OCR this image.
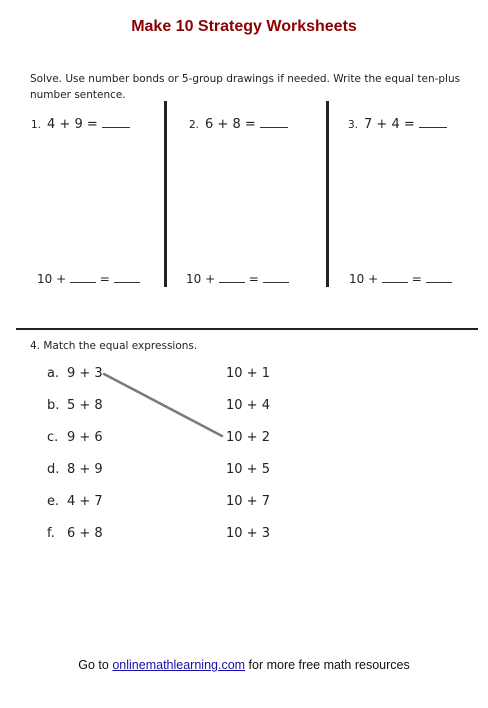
Make 10 Strategy Worksheets
Solve. Use number bonds or 5-group drawings if needed. Write the equal ten-plus number sentence.
1. 4 + 9 =	2. 6 + 8 =	3. 7 + 4 =
10 +	=	10 +	=	10 +	=
4. Match the equal expressions.
a. 9 + 3
b. 5 + 8
c. 9 + 6
d. 8 + 9
e. 4 + 7
f. 6 + 8
10 + 1
10 + 4
10 + 2
10 + 5
10 + 7
10 + 3
Go to onlinemathlearning.com for more free math resources
